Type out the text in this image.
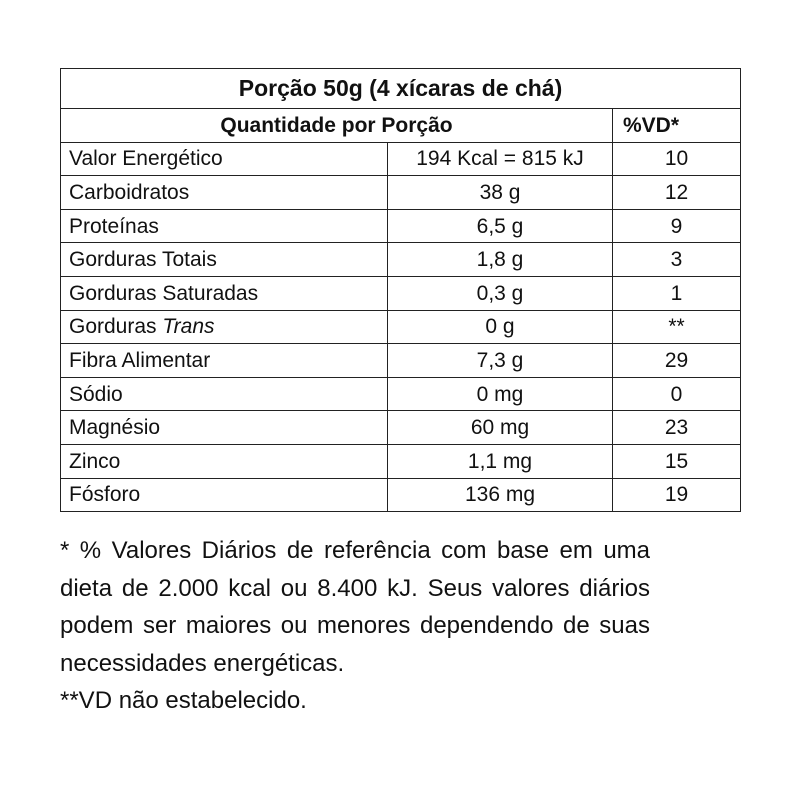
Porção 50g (4 xícaras de chá)		
Quantidade por Porção		%VD*
Valor Energético	194 Kcal = 815 kJ	10
Carboidratos	38 g	12
Proteínas	6,5 g	9
Gorduras Totais	1,8 g	3
Gorduras Saturadas	0,3 g	1
Gorduras Trans	0 g	**
Fibra Alimentar	7,3 g	29
Sódio	0 mg	0
Magnésio	60 mg	23
Zinco	1,1 mg	15
Fósforo	136 mg	19

* % Valores Diários de referência com base em uma dieta de 2.000 kcal ou 8.400 kJ. Seus valores diários podem ser maiores ou menores dependendo de suas necessidades energéticas.

**VD não estabelecido.
